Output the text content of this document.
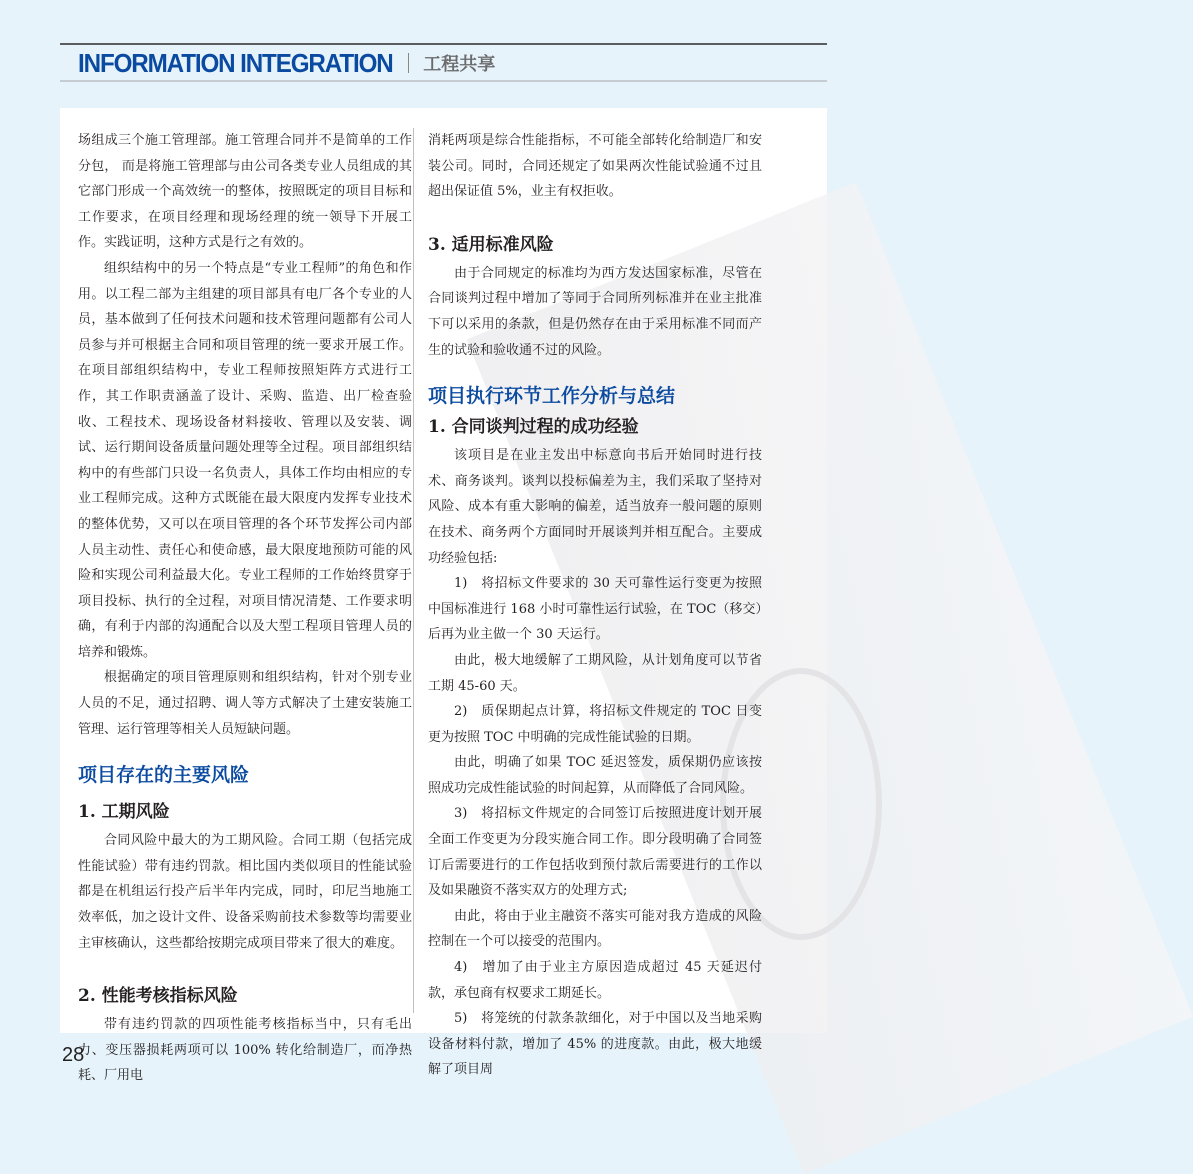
INFORMATION INTEGRATION 工程共享

场组成三个施工管理部。施工管理合同并不是简单的工作分包， 而是将施工管理部与由公司各类专业人员组成的其它部门形成一个高效统一的整体，按照既定的项目目标和工作要求，在项目经理和现场经理的统一领导下开展工作。实践证明，这种方式是行之有效的。

组织结构中的另一个特点是“专业工程师”的角色和作用。以工程二部为主组建的项目部具有电厂各个专业的人员，基本做到了任何技术问题和技术管理问题都有公司人员参与并可根据主合同和项目管理的统一要求开展工作。在项目部组织结构中，专业工程师按照矩阵方式进行工作，其工作职责涵盖了设计、采购、监造、出厂检查验收、工程技术、现场设备材料接收、管理以及安装、调试、运行期间设备质量问题处理等全过程。项目部组织结构中的有些部门只设一名负责人，具体工作均由相应的专业工程师完成。这种方式既能在最大限度内发挥专业技术的整体优势，又可以在项目管理的各个环节发挥公司内部人员主动性、责任心和使命感，最大限度地预防可能的风险和实现公司利益最大化。专业工程师的工作始终贯穿于项目投标、执行的全过程，对项目情况清楚、工作要求明确，有利于内部的沟通配合以及大型工程项目管理人员的培养和锻炼。

根据确定的项目管理原则和组织结构，针对个别专业人员的不足，通过招聘、调人等方式解决了土建安装施工管理、运行管理等相关人员短缺问题。

项目存在的主要风险
1. 工期风险

合同风险中最大的为工期风险。合同工期（包括完成性能试验）带有违约罚款。相比国内类似项目的性能试验都是在机组运行投产后半年内完成，同时，印尼当地施工效率低，加之设计文件、设备采购前技术参数等均需要业主审核确认，这些都给按期完成项目带来了很大的难度。

2. 性能考核指标风险

带有违约罚款的四项性能考核指标当中，只有毛出力、变压器损耗两项可以 100% 转化给制造厂，而净热耗、厂用电

消耗两项是综合性能指标，不可能全部转化给制造厂和安装公司。同时，合同还规定了如果两次性能试验通不过且超出保证值 5%，业主有权拒收。

3. 适用标准风险

由于合同规定的标准均为西方发达国家标准，尽管在合同谈判过程中增加了等同于合同所列标准并在业主批准下可以采用的条款，但是仍然存在由于采用标准不同而产生的试验和验收通不过的风险。

项目执行环节工作分析与总结
1. 合同谈判过程的成功经验

该项目是在业主发出中标意向书后开始同时进行技术、商务谈判。谈判以投标偏差为主，我们采取了坚持对风险、成本有重大影响的偏差，适当放弃一般问题的原则在技术、商务两个方面同时开展谈判并相互配合。主要成功经验包括:

1)　将招标文件要求的 30 天可靠性运行变更为按照中国标准进行 168 小时可靠性运行试验，在 TOC（移交）后再为业主做一个 30 天运行。

由此，极大地缓解了工期风险，从计划角度可以节省工期 45-60 天。

2)　质保期起点计算，将招标文件规定的 TOC 日变更为按照 TOC 中明确的完成性能试验的日期。

由此，明确了如果 TOC 延迟签发，质保期仍应该按照成功完成性能试验的时间起算，从而降低了合同风险。

3)　将招标文件规定的合同签订后按照进度计划开展全面工作变更为分段实施合同工作。即分段明确了合同签订后需要进行的工作包括收到预付款后需要进行的工作以及如果融资不落实双方的处理方式;

由此，将由于业主融资不落实可能对我方造成的风险控制在一个可以接受的范围内。

4)　增加了由于业主方原因造成超过 45 天延迟付款，承包商有权要求工期延长。

5)　将笼统的付款条款细化，对于中国以及当地采购设备材料付款，增加了 45% 的进度款。由此，极大地缓解了项目周

28
